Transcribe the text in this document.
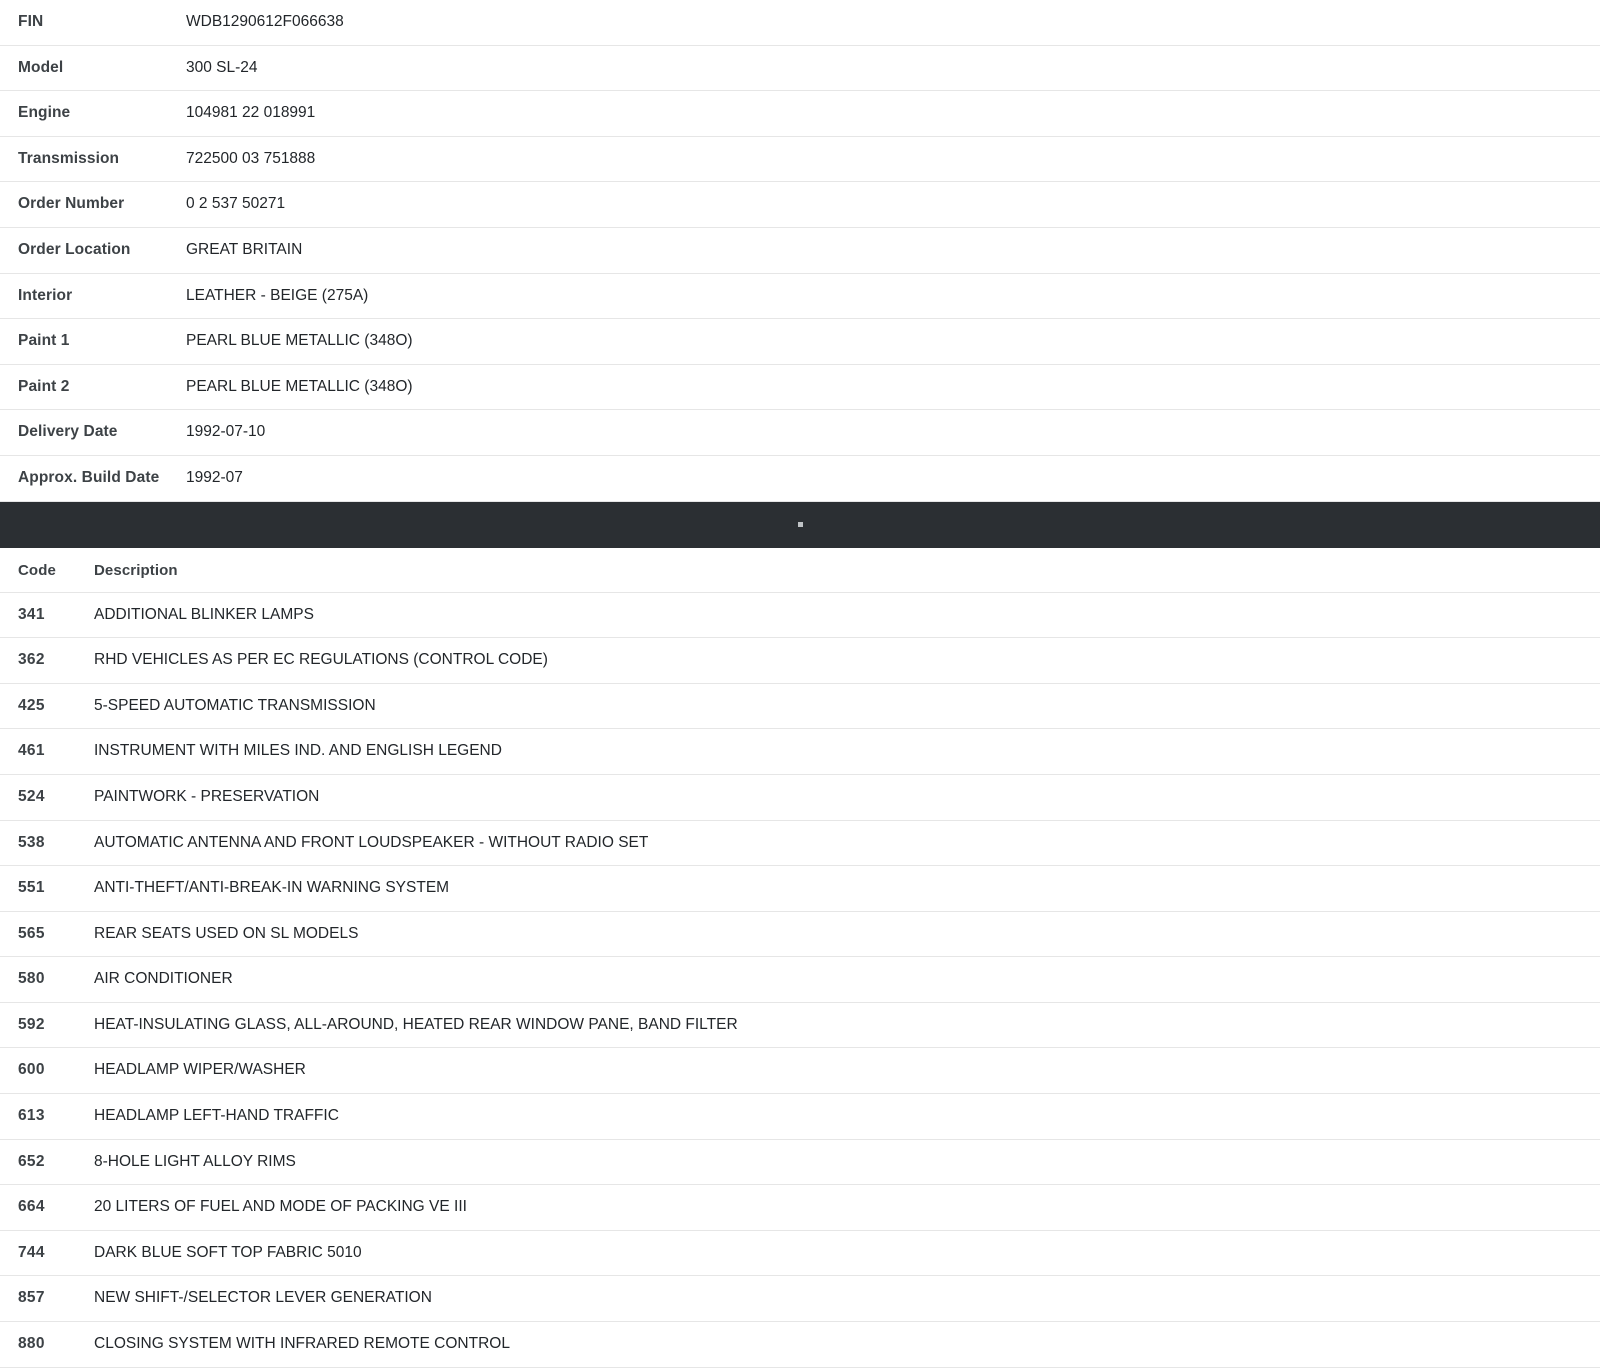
FIN	WDB1290612F066638
Model	300 SL-24
Engine	104981 22 018991
Transmission	722500 03 751888
Order Number	0 2 537 50271
Order Location	GREAT BRITAIN
Interior	LEATHER - BEIGE (275A)
Paint 1	PEARL BLUE METALLIC (348O)
Paint 2	PEARL BLUE METALLIC (348O)
Delivery Date	1992-07-10
Approx. Build Date	1992-07
Code	Description
341	ADDITIONAL BLINKER LAMPS
362	RHD VEHICLES AS PER EC REGULATIONS (CONTROL CODE)
425	5-SPEED AUTOMATIC TRANSMISSION
461	INSTRUMENT WITH MILES IND. AND ENGLISH LEGEND
524	PAINTWORK - PRESERVATION
538	AUTOMATIC ANTENNA AND FRONT LOUDSPEAKER - WITHOUT RADIO SET
551	ANTI-THEFT/ANTI-BREAK-IN WARNING SYSTEM
565	REAR SEATS USED ON SL MODELS
580	AIR CONDITIONER
592	HEAT-INSULATING GLASS, ALL-AROUND, HEATED REAR WINDOW PANE, BAND FILTER
600	HEADLAMP WIPER/WASHER
613	HEADLAMP LEFT-HAND TRAFFIC
652	8-HOLE LIGHT ALLOY RIMS
664	20 LITERS OF FUEL AND MODE OF PACKING VE III
744	DARK BLUE SOFT TOP FABRIC 5010
857	NEW SHIFT-/SELECTOR LEVER GENERATION
880	CLOSING SYSTEM WITH INFRARED REMOTE CONTROL
